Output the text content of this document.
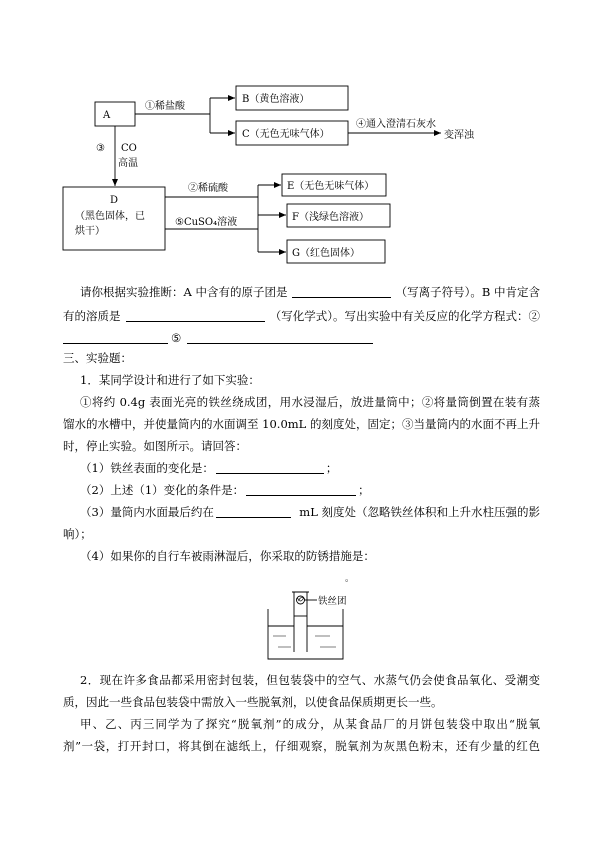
A
①稀盐酸
B（黄色溶液）
C（无色无味气体）
④通入澄清石灰水
变浑浊
③ CO
高温
D
（黑色固体，已
烘干）
②稀硫酸	E（无色无味气体）
⑤CuSO₄溶液	F（浅绿色溶液）
G（红色固体）
请你根据实验推断：A 中含有的原子团是	（写离子符号）。B 中肯定含
有的溶质是	（写化学式）。写出实验中有关反应的化学方程式：②
⑤
三、实验题：
1．某同学设计和进行了如下实验：
①将约 0.4g 表面光亮的铁丝绕成团，用水浸湿后，放进量筒中；②将量筒倒置在装有蒸
馏水的水槽中，并使量筒内的水面调至 10.0mL 的刻度处，固定；③当量筒内的水面不再上升
时，停止实验。如图所示。请回答：
（1）铁丝表面的变化是：	；
（2）上述（1）变化的条件是：	；
（3）量筒内水面最后约在	mL 刻度处（忽略铁丝体积和上升水柱压强的影
响）；
（4）如果你的自行车被雨淋湿后，你采取的防锈措施是：
。
铁丝团
2．现在许多食品都采用密封包装，但包装袋中的空气、水蒸气仍会使食品氧化、受潮变
质，因此一些食品包装袋中需放入一些脱氧剂，以使食品保质期更长一些。
甲、乙、丙三同学为了探究“脱氧剂”的成分，从某食品厂的月饼包装袋中取出“脱氧
剂”一袋，打开封口，将其倒在滤纸上，仔细观察，脱氧剂为灰黑色粉末，还有少量的红色
